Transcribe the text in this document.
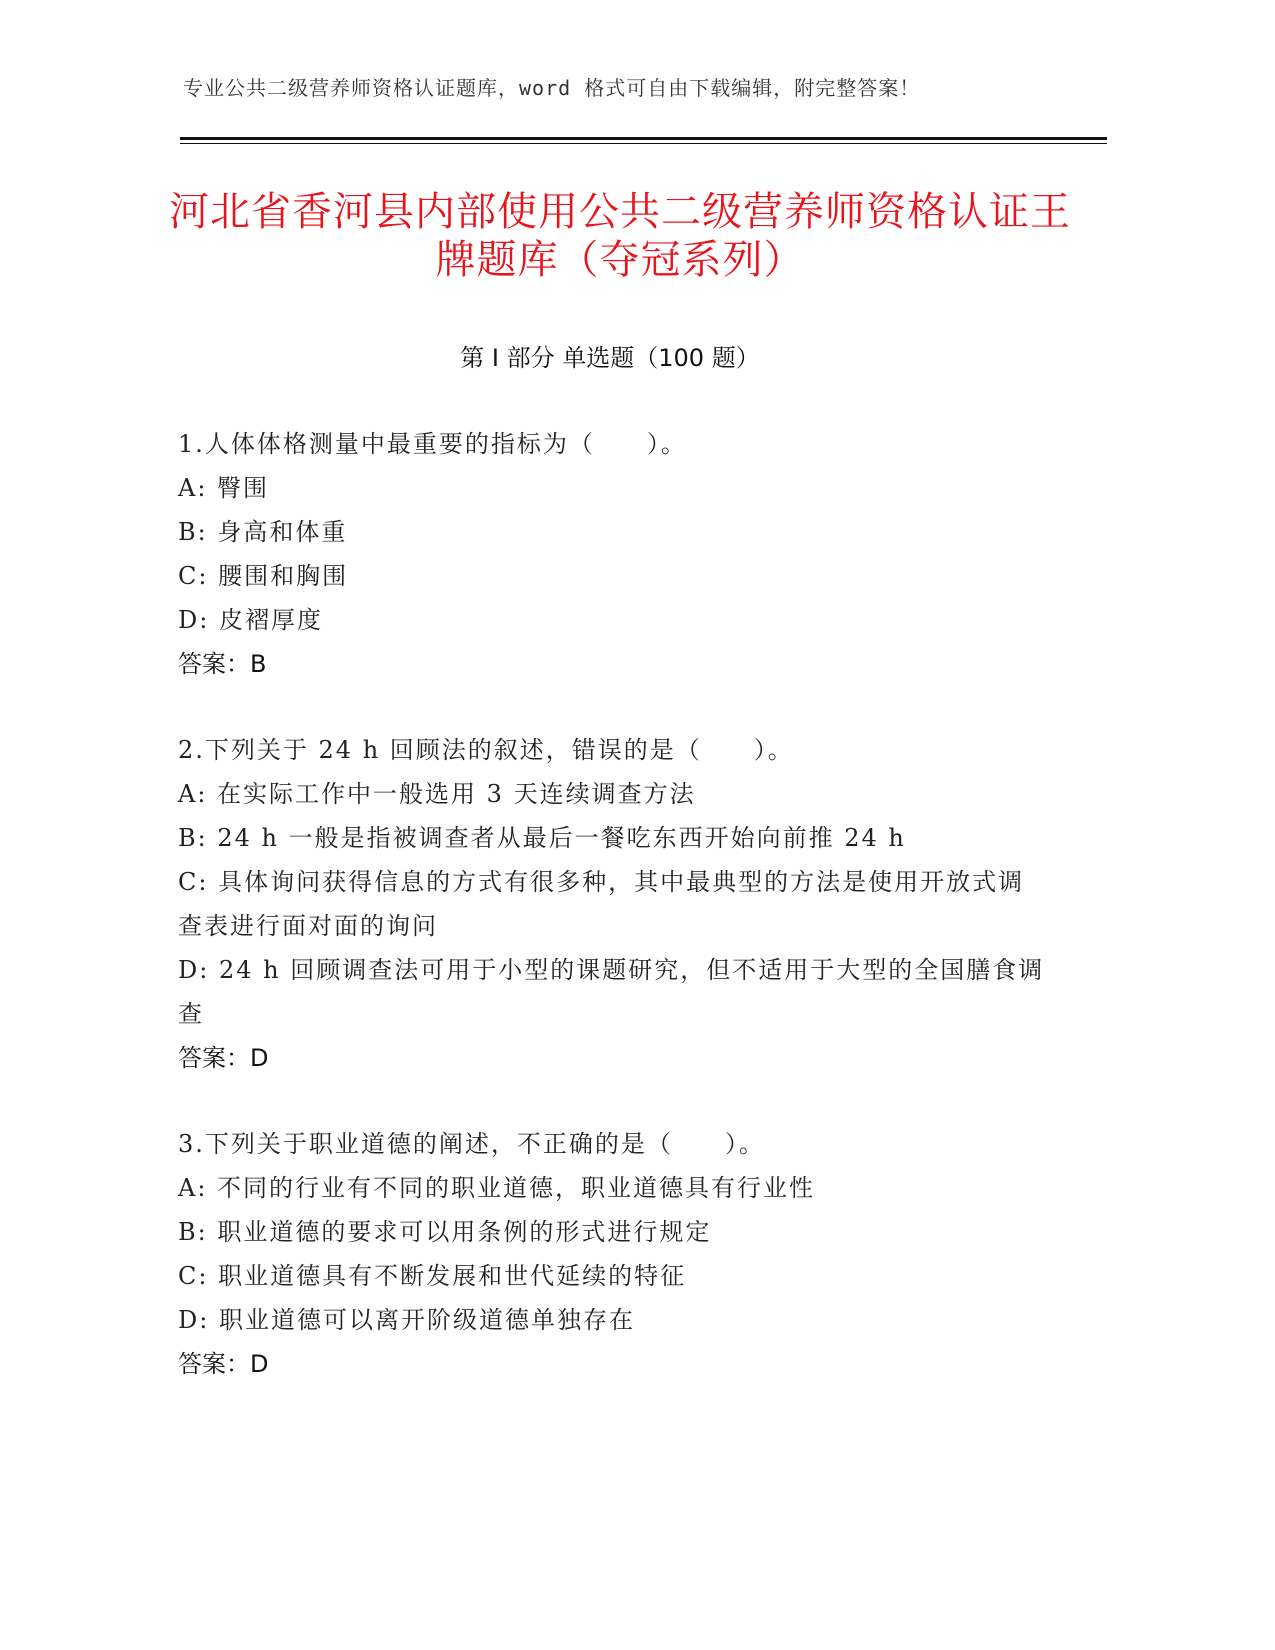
专业公共二级营养师资格认证题库，word 格式可自由下载编辑，附完整答案！
河北省香河县内部使用公共二级营养师资格认证王牌题库（夺冠系列）
第 I 部分 单选题（100 题）
1.人体体格测量中最重要的指标为（　　）。
A: 臀围
B: 身高和体重
C: 腰围和胸围
D: 皮褶厚度
答案：B
2.下列关于 24 h 回顾法的叙述，错误的是（　　）。
A: 在实际工作中一般选用 3 天连续调查方法
B: 24 h 一般是指被调查者从最后一餐吃东西开始向前推 24 h
C: 具体询问获得信息的方式有很多种，其中最典型的方法是使用开放式调查表进行面对面的询问
D: 24 h 回顾调查法可用于小型的课题研究，但不适用于大型的全国膳食调查
答案：D
3.下列关于职业道德的阐述，不正确的是（　　）。
A: 不同的行业有不同的职业道德，职业道德具有行业性
B: 职业道德的要求可以用条例的形式进行规定
C: 职业道德具有不断发展和世代延续的特征
D: 职业道德可以离开阶级道德单独存在
答案：D
